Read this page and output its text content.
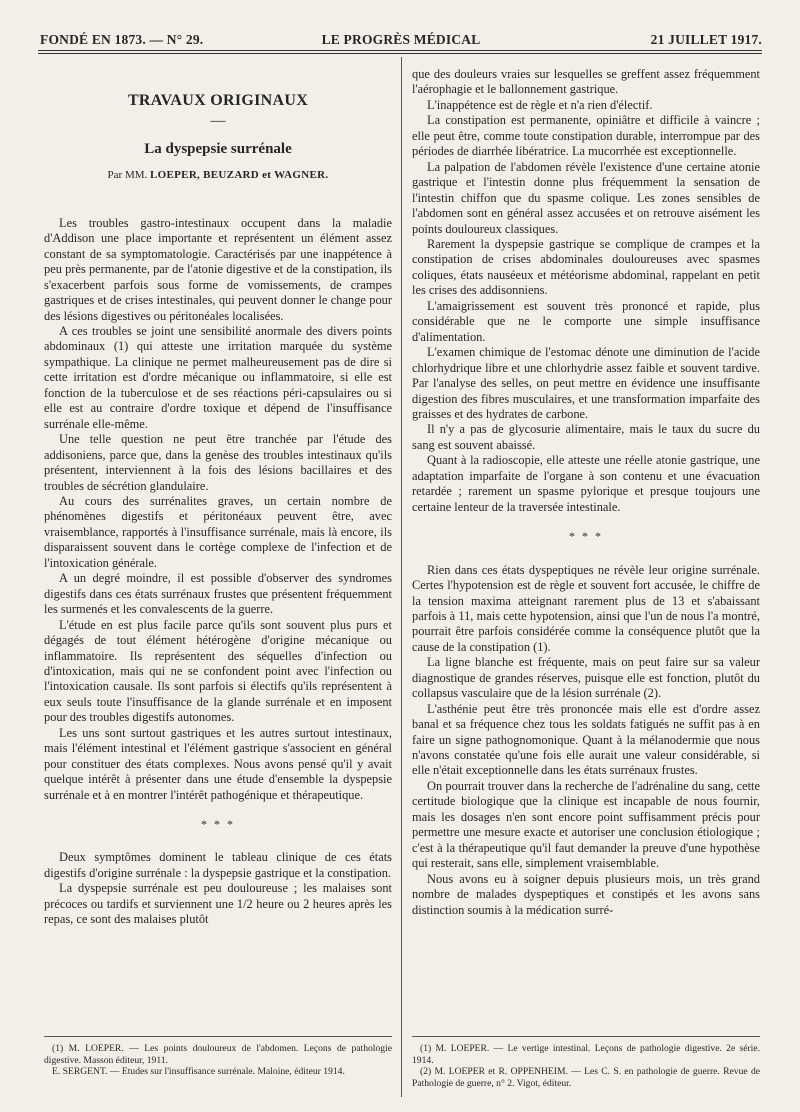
FONDÉ EN 1873. — N° 29.	LE PROGRÈS MÉDICAL	21 JUILLET 1917.
TRAVAUX ORIGINAUX
—
La dyspepsie surrénale
Par MM. LOEPER, BEUZARD et WAGNER.

Les troubles gastro-intestinaux occupent dans la maladie d'Addison une place importante et représentent un élément assez constant de sa symptomatologie. Caractérisés par une inappétence à peu près permanente, par de l'atonie digestive et de la constipation, ils s'exacerbent parfois sous forme de vomissements, de crampes gastriques et de crises intestinales, qui peuvent donner le change pour des lésions digestives ou péritonéales localisées.

A ces troubles se joint une sensibilité anormale des divers points abdominaux (1) qui atteste une irritation marquée du système sympathique. La clinique ne permet malheureusement pas de dire si cette irritation est d'ordre mécanique ou inflammatoire, si elle est fonction de la tuberculose et de ses réactions péri-capsulaires ou si elle est au contraire d'ordre toxique et dépend de l'insuffisance surrénale elle-même.

Une telle question ne peut être tranchée par l'étude des addisoniens, parce que, dans la genèse des troubles intestinaux qu'ils présentent, interviennent à la fois des lésions bacillaires et des troubles de sécrétion glandulaire.

Au cours des surrénalites graves, un certain nombre de phénomènes digestifs et péritonéaux peuvent être, avec vraisemblance, rapportés à l'insuffisance surrénale, mais là encore, ils disparaissent souvent dans le cortège complexe de l'infection et de l'intoxication générale.

A un degré moindre, il est possible d'observer des syndromes digestifs dans ces états surrénaux frustes que présentent fréquemment les surmenés et les convalescents de la guerre.

L'étude en est plus facile parce qu'ils sont souvent plus purs et dégagés de tout élément hétérogène d'origine mécanique ou inflammatoire. Ils représentent des séquelles d'infection ou d'intoxication, mais qui ne se confondent point avec l'infection ou l'intoxication causale. Ils sont parfois si électifs qu'ils représentent à eux seuls toute l'insuffisance de la glande surrénale et en imposent pour des troubles digestifs autonomes.

Les uns sont surtout gastriques et les autres surtout intestinaux, mais l'élément intestinal et l'élément gastrique s'associent en général pour constituer des états complexes. Nous avons pensé qu'il y avait quelque intérêt à présenter dans une étude d'ensemble la dyspepsie surrénale et à en montrer l'intérêt pathogénique et thérapeutique.

* * *

Deux symptômes dominent le tableau clinique de ces états digestifs d'origine surrénale : la dyspepsie gastrique et la constipation.

La dyspepsie surrénale est peu douloureuse ; les malaises sont précoces ou tardifs et surviennent une 1/2 heure ou 2 heures après les repas, ce sont des malaises plutôt

que des douleurs vraies sur lesquelles se greffent assez fréquemment l'aérophagie et le ballonnement gastrique.

L'inappétence est de règle et n'a rien d'électif.

La constipation est permanente, opiniâtre et difficile à vaincre ; elle peut être, comme toute constipation durable, interrompue par des périodes de diarrhée libératrice. La mucorrhée est exceptionnelle.

La palpation de l'abdomen révèle l'existence d'une certaine atonie gastrique et l'intestin donne plus fréquemment la sensation de l'intestin chiffon que du spasme colique. Les zones sensibles de l'abdomen sont en général assez accusées et on retrouve aisément les points douloureux classiques.

Rarement la dyspepsie gastrique se complique de crampes et la constipation de crises abdominales douloureuses avec spasmes coliques, états nauséeux et météorisme abdominal, rappelant en petit les crises des addisonniens.

L'amaigrissement est souvent très prononcé et rapide, plus considérable que ne le comporte une simple insuffisance d'alimentation.

L'examen chimique de l'estomac dénote une diminution de l'acide chlorhydrique libre et une chlorhydrie assez faible et souvent tardive. Par l'analyse des selles, on peut mettre en évidence une insuffisante digestion des fibres musculaires, et une transformation imparfaite des graisses et des hydrates de carbone.

Il n'y a pas de glycosurie alimentaire, mais le taux du sucre du sang est souvent abaissé.

Quant à la radioscopie, elle atteste une réelle atonie gastrique, une adaptation imparfaite de l'organe à son contenu et une évacuation retardée ; rarement un spasme pylorique et presque toujours une certaine lenteur de la traversée intestinale.

* * *

Rien dans ces états dyspeptiques ne révèle leur origine surrénale. Certes l'hypotension est de règle et souvent fort accusée, le chiffre de la tension maxima atteignant rarement plus de 13 et s'abaissant parfois à 11, mais cette hypotension, ainsi que l'un de nous l'a montré, pourrait être parfois considérée comme la conséquence plutôt que la cause de la constipation (1).

La ligne blanche est fréquente, mais on peut faire sur sa valeur diagnostique de grandes réserves, puisque elle est fonction, plutôt du collapsus vasculaire que de la lésion surrénale (2).

L'asthénie peut être très prononcée mais elle est d'ordre assez banal et sa fréquence chez tous les soldats fatigués ne suffit pas à en faire un signe pathognomonique. Quant à la mélanodermie que nous n'avons constatée qu'une fois elle aurait une valeur considérable, si elle n'était exceptionnelle dans les états surrénaux frustes.

On pourrait trouver dans la recherche de l'adrénaline du sang, cette certitude biologique que la clinique est incapable de nous fournir, mais les dosages n'en sont encore point suffisamment précis pour permettre une mesure exacte et autoriser une conclusion étiologique ; c'est à la thérapeutique qu'il faut demander la preuve d'une hypothèse qui resterait, sans elle, simplement vraisemblable.

Nous avons eu à soigner depuis plusieurs mois, un très grand nombre de malades dyspeptiques et constipés et les avons sans distinction soumis à la médication surré-

(1) M. LOEPER. — Les points douloureux de l'abdomen. Leçons de pathologie digestive. Masson éditeur, 1911.

E. SERGENT. — Etudes sur l'insuffisance surrénale. Maloine, éditeur 1914.

(1) M. LOEPER. — Le vertige intestinal. Leçons de pathologie digestive. 2e série. 1914.

(2) M. LOEPER et R. OPPENHEIM. — Les C. S. en pathologie de guerre. Revue de Pathologie de guerre, n° 2. Vigot, éditeur.
